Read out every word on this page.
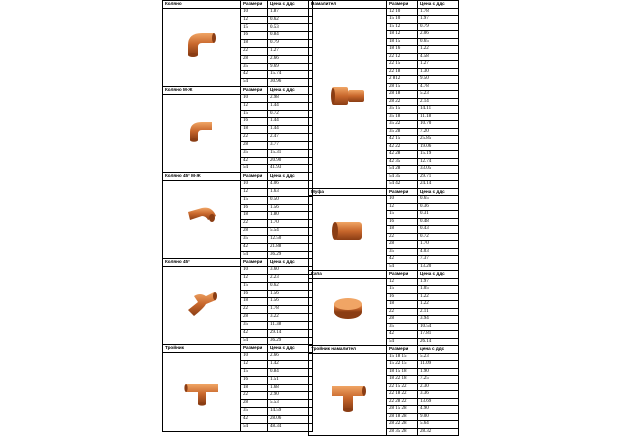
Коляно	Размери	Цена с ддс

	10	1.87
	12	0.62
	15	0.53
	16	0.84
	18	0.79
	22	1.27
	28	2.66
	35	9.69
	42	15.74
	54	30.96
Коляно М-Ж	Размери	Цена с ддс

	10	2.98
	12	1.44
	15	0.72
	16	1.44
	18	1.44
	22	2.47
	28	3.77
	35	15.31
	42	20.90
	54	41.93
Коляно 45° М-Ж	Размери	Цена с ддс

	10	4.06
	12	1.63
	15	0.50
	16	1.56
	18	1.80
	22	1.70
	28	5.54
	35	12.50
	42	21.88
	54	36.29
Коляно 45°	Размери	Цена с ддс

	10	3.60
	12	2.23
	15	0.62
	16	1.56
	18	1.56
	22	1.78
	28	3.22
	35	11.38
	42	29.14
	54	36.29
Тройник	Размери	Цена с ддс

	10	2.66
	12	1.42
	15	0.84
	16	1.51
	18	1.68
	22	2.90
	28	5.53
	35	14.59
	42	28.06
	54	48.34
Намалител	Размери	Цена с ддс

	12 10	1.78
	15 10	1.97
	15 12	0.79
	18 12	2.06
	18 15	0.65
	18 16	1.22
	22 12	4.58
	22 15	1.27
	22 18	1.30
	2 812	9.50
	28 15	4.78
	28 18	5.23
	28 22	2.14
	35 15	14.11
	35 18	11.18
	35 22	10.70
	35 28	7.20
	42 15	25.85
	42 22	19.06
	42 28	15.19
	42 35	12.74
	54 28	33.05
	54 35	29.71
	54 42	24.14
Муфа	Размери	Цена с ддс

	10	0.65
	12	0.36
	15	0.31
	16	0.48
	18	0.43
	22	0.72
	28	1.70
	35	4.03
	42	7.37
	54	13.20
Капа	Размери	Цена с ддс

	12	1.97
	15	1.05
	16	1.22
	18	1.22
	22	2.11
	28	3.94
	35	10.54
	42	17.81
	54	26.14
Тройник намалител	Размери	цена с ддс

	15 18 15	5.23
	15 22 15	11.09
	18 15 18	1.90
	18 22 18	7.25
	22 15 22	2.30
	22 18 22	3.36
	22 28 22	13.69
	28 15 28	4.90
	28 18 28	9.00
	28 22 28	5.64
	28 35 28	28.32
